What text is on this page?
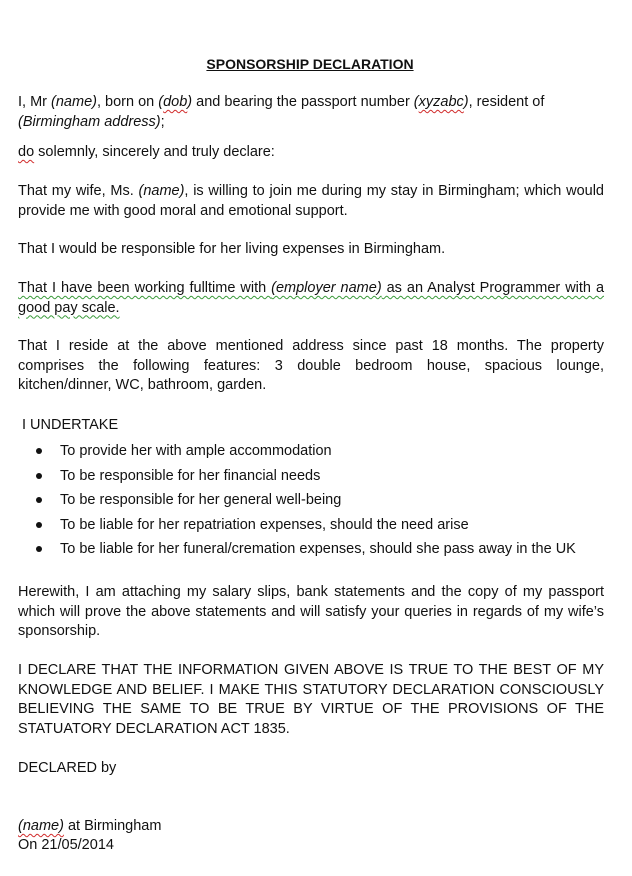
SPONSORSHIP DECLARATION

I, Mr (name), born on (dob) and bearing the passport number (xyzabc), resident of
(Birmingham address);

do solemnly, sincerely and truly declare:

That my wife, Ms. (name), is willing to join me during my stay in Birmingham; which would provide me with good moral and emotional support.

That I would be responsible for her living expenses in Birmingham.

That I have been working fulltime with (employer name) as an Analyst Programmer with a good pay scale.

That I reside at the above mentioned address since past 18 months. The property comprises the following features: 3 double bedroom house, spacious lounge, kitchen/dinner, WC, bathroom, garden.

I UNDERTAKE
To provide her with ample accommodation
To be responsible for her financial needs
To be responsible for her general well-being
To be liable for her repatriation expenses, should the need arise
To be liable for her funeral/cremation expenses, should she pass away in the UK

Herewith, I am attaching my salary slips, bank statements and the copy of my passport which will prove the above statements and will satisfy your queries in regards of my wife’s sponsorship.

I DECLARE THAT THE INFORMATION GIVEN ABOVE IS TRUE TO THE BEST OF MY KNOWLEDGE AND BELIEF. I MAKE THIS STATUTORY DECLARATION CONSCIOUSLY BELIEVING THE SAME TO BE TRUE BY VIRTUE OF THE PROVISIONS OF THE STATUATORY DECLARATION ACT 1835.

DECLARED by
(name) at Birmingham
On 21/05/2014
